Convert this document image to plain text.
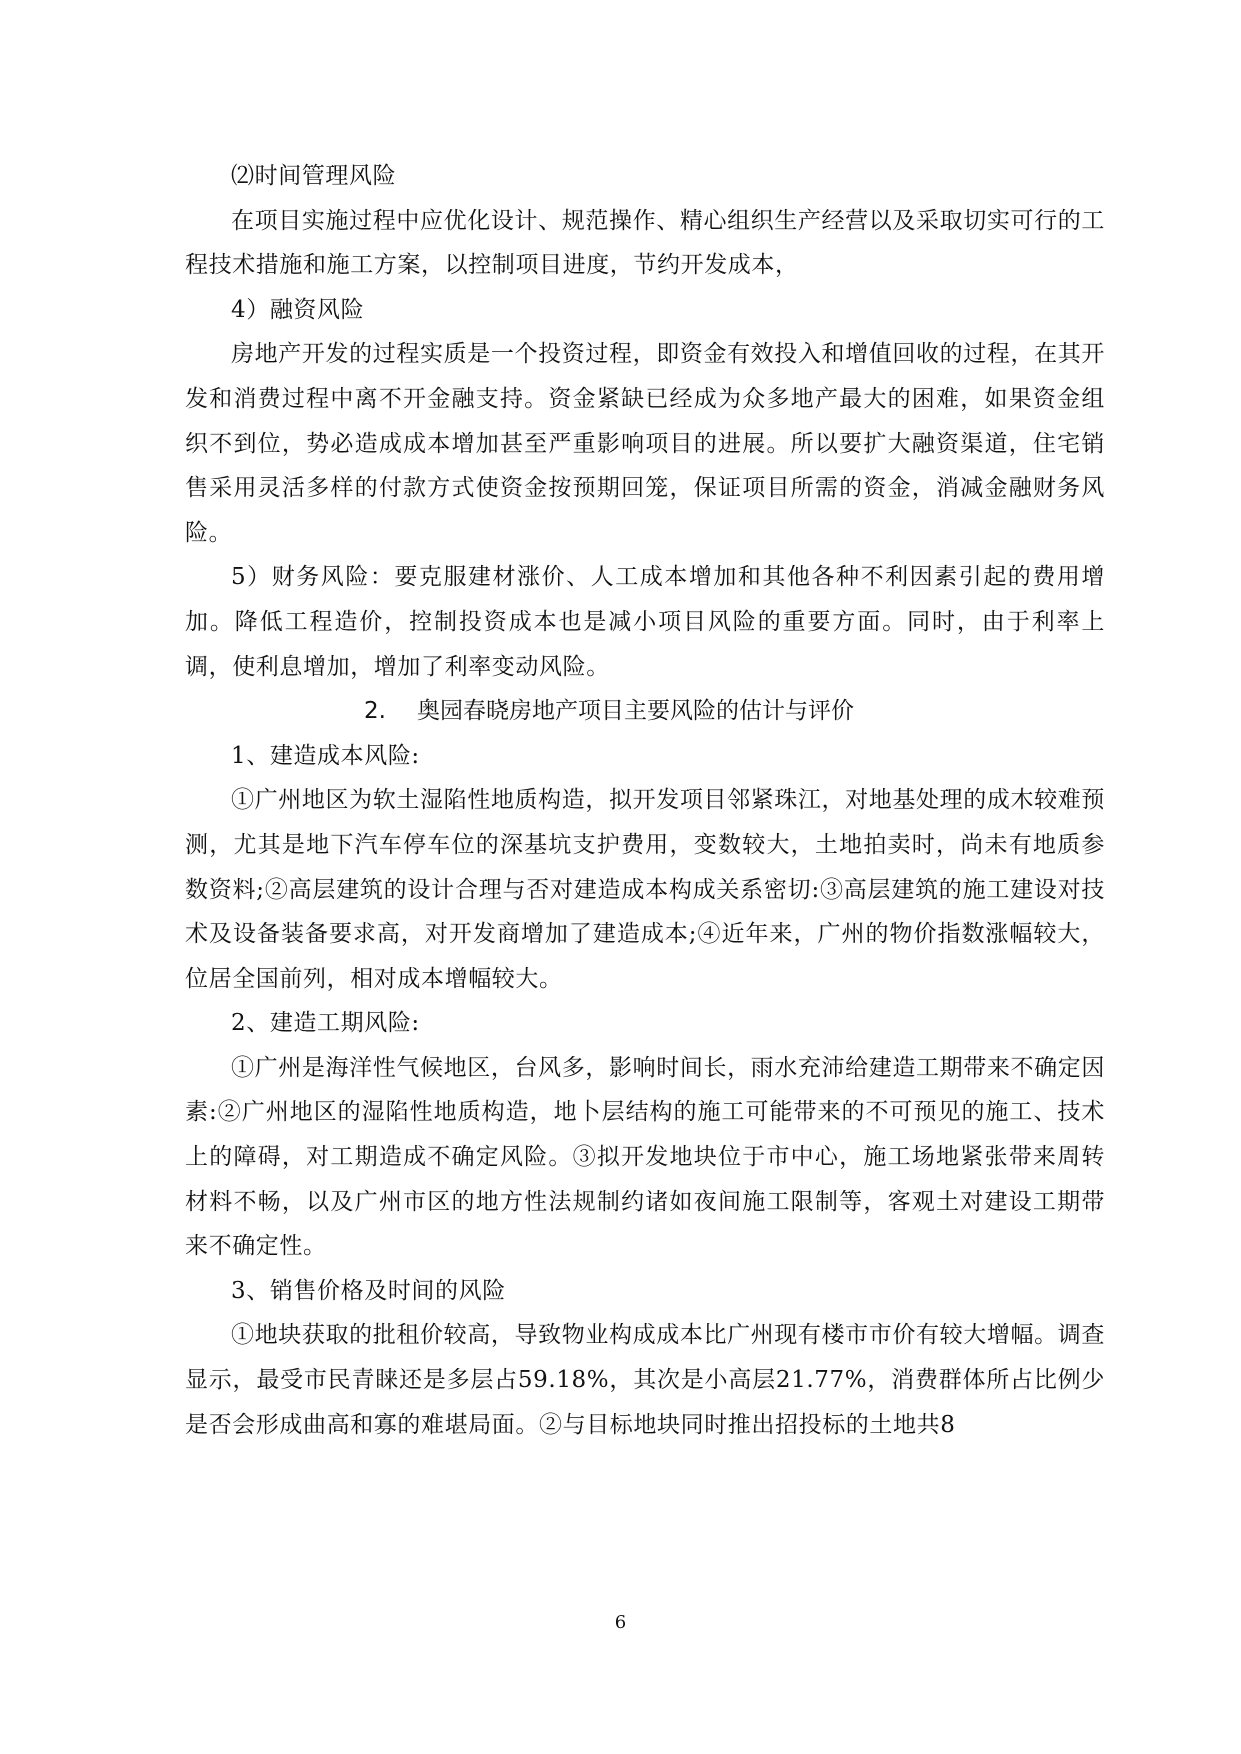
⑵时间管理风险

在项目实施过程中应优化设计、规范操作、精心组织生产经营以及采取切实可行的工程技术措施和施工方案，以控制项目进度，节约开发成本，

4）融资风险

房地产开发的过程实质是一个投资过程，即资金有效投入和增值回收的过程，在其开发和消费过程中离不开金融支持。资金紧缺已经成为众多地产最大的困难，如果资金组织不到位，势必造成成本增加甚至严重影响项目的进展。所以要扩大融资渠道，住宅销售采用灵活多样的付款方式使资金按预期回笼，保证项目所需的资金，消减金融财务风险。

5）财务风险：要克服建材涨价、人工成本增加和其他各种不利因素引起的费用增加。降低工程造价，控制投资成本也是减小项目风险的重要方面。同时，由于利率上调，使利息增加，增加了利率变动风险。

2. 奥园春晓房地产项目主要风险的估计与评价

1、建造成本风险:

①广州地区为软土湿陷性地质构造，拟开发项目邻紧珠江，对地基处理的成木较难预测，尤其是地下汽车停车位的深基坑支护费用，变数较大，土地拍卖时，尚未有地质参数资料;②高层建筑的设计合理与否对建造成本构成关系密切:③高层建筑的施工建设对技术及设备装备要求高，对开发商增加了建造成本;④近年来，广州的物价指数涨幅较大，位居全国前列，相对成本增幅较大。

2、建造工期风险:

①广州是海洋性气候地区，台风多，影响时间长，雨水充沛给建造工期带来不确定因素:②广州地区的湿陷性地质构造，地卜层结构的施工可能带来的不可预见的施工、技术上的障碍，对工期造成不确定风险。③拟开发地块位于市中心，施工场地紧张带来周转材料不畅，以及广州市区的地方性法规制约诸如夜间施工限制等，客观土对建设工期带来不确定性。

3、销售价格及时间的风险

①地块获取的批租价较高，导致物业构成成本比广州现有楼市市价有较大增幅。调查显示，最受市民青睐还是多层占59.18%，其次是小高层21.77%，消费群体所占比例少是否会形成曲高和寡的难堪局面。②与目标地块同时推出招投标的土地共8

6
